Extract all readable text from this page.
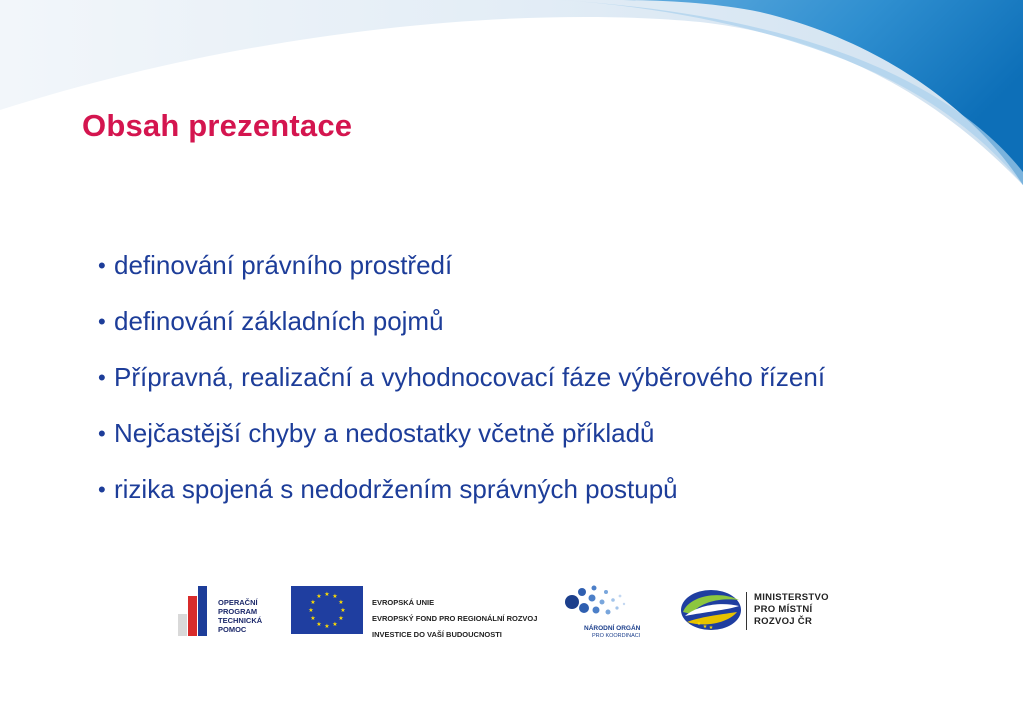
Obsah prezentace
• definování právního prostředí
• definování základních pojmů
• Přípravná, realizační a vyhodnocovací fáze výběrového řízení
• Nejčastější chyby a nedostatky včetně příkladů
• rizika spojená s nedodržením správných postupů
OPERAČNÍ
PROGRAM
TECHNICKÁ
POMOC
★ ★
★
★
★
★
★
★
★
★
★
★
EVROPSKÁ UNIE
EVROPSKÝ FOND PRO REGIONÁLNÍ ROZVOJ
INVESTICE DO VAŠÍ BUDOUCNOSTI
NÁRODNÍ ORGÁN
PRO KOORDINACI
★ ★ ★
MINISTERSTVO
PRO MÍSTNÍ
ROZVOJ ČR
